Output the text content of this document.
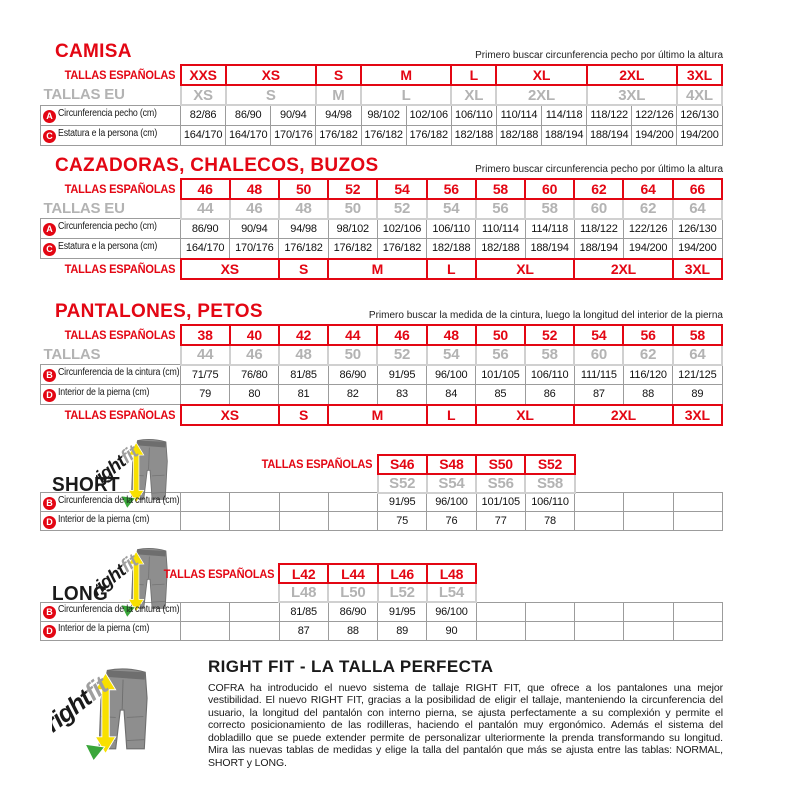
CAMISA	Primero buscar circunferencia pecho por último la altura
TALLAS ESPAÑOLAS	XXS	XS		S	M		L	XL		2XL		3XL
TALLAS EU	XS	S		M	L		XL	2XL		3XL		4XL
A Circunferencia pecho (cm)	82/86	86/90	90/94	94/98	98/102	102/106	106/110	110/114	114/118	118/122	122/126	126/130
C Estatura e la persona (cm)	164/170	164/170	170/176	176/182	176/182	176/182	182/188	182/188	188/194	188/194	194/200	194/200
CAZADORAS, CHALECOS, BUZOS	Primero buscar circunferencia pecho por último la altura
TALLAS ESPAÑOLAS	46	48	50	52	54	56	58	60	62	64	66
TALLAS EU	44	46	48	50	52	54	56	58	60	62	64
A Circunferencia pecho (cm)	86/90	90/94	94/98	98/102	102/106	106/110	110/114	114/118	118/122	122/126	126/130
C Estatura e la persona (cm)	164/170	170/176	176/182	176/182	176/182	182/188	182/188	188/194	188/194	194/200	194/200
TALLAS ESPAÑOLAS	XS		S	M		L	XL		2XL		3XL
PANTALONES, PETOS	Primero buscar la medida de la cintura, luego la longitud del interior de la pierna
TALLAS ESPAÑOLAS	38	40	42	44	46	48	50	52	54	56	58
TALLAS	44	46	48	50	52	54	56	58	60	62	64
B Circunferencia de la cintura (cm)	71/75	76/80	81/85	86/90	91/95	96/100	101/105	106/110	111/115	116/120	121/125
D Interior de la pierna (cm)	79	80	81	82	83	84	85	86	87	88	89
TALLAS ESPAÑOLAS	XS		S	M		L	XL		2XL		3XL
SHORT
TALLAS ESPAÑOLAS					S46	S48	S50	S52			
					S52	S54	S56	S58			
B Circunferencia de la cintura (cm)					91/95	96/100	101/105	106/110			
D Interior de la pierna (cm)					75	76	77	78			
LONG
TALLAS ESPAÑOLAS			L42	L44	L46	L48					
			L48	L50	L52	L54					
B Circunferencia de la cintura (cm)			81/85	86/90	91/95	96/100					
D Interior de la pierna (cm)			87	88	89	90					
RIGHT FIT - LA TALLA PERFECTA

COFRA ha introducido el nuevo sistema de tallaje RIGHT FIT, que ofrece a los pantalones una mejor vestibilidad. El nuevo RIGHT FIT, gracias a la posibilidad de eligir el tallaje, manteniendo la circunferencia del usuario, la longitud del pantalón con interno pierna, se ajusta perfectamente a su complexión y permite el correcto posicionamiento de las rodilleras, haciendo el pantalón muy ergonómico. Además el sistema del dobladillo que se puede extender permite de personalizar ulteriormente la prenda transformando su longitud. Mira las nuevas tablas de medidas y elige la talla del pantalón que más se ajusta entre las tablas: NORMAL, SHORT y LONG.
